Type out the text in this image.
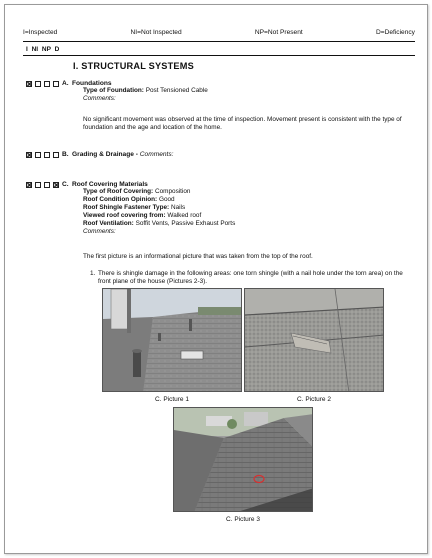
I=Inspected	NI=Not Inspected	NP=Not Present	D=Deficiency
I NI NP D
I. STRUCTURAL SYSTEMS
A. Foundations
Type of Foundation: Post Tensioned Cable
Comments:
No significant movement was observed at the time of inspection. Movement present is consistent with the type of foundation and the age and location of the home.
B. Grading & Drainage -
Comments:
C. Roof Covering Materials
Type of Roof Covering: Composition
Roof Condition Opinion: Good
Roof Shingle Fastener Type: Nails
Viewed roof covering from: Walked roof
Roof Ventilation: Soffit Vents, Passive Exhaust Ports
Comments:
The first picture is an informational picture that was taken from the top of the roof.
1. There is shingle damage in the following areas: one torn shingle (with a nail hole under the torn area) on the front plane of the house (Pictures 2-3).
C. Picture 1	C. Picture 2
C. Picture 3
